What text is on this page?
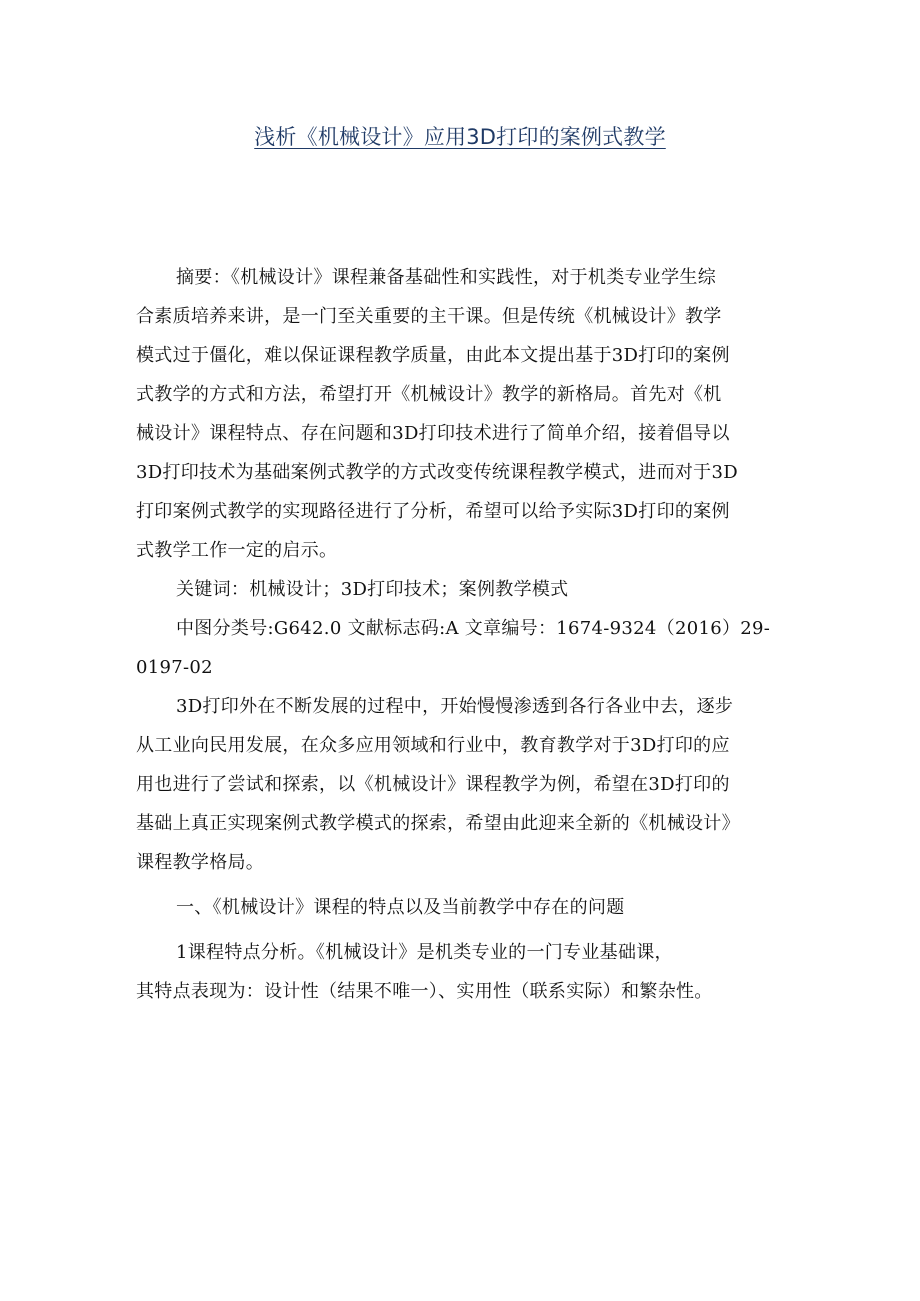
浅析《机械设计》应用3D打印的案例式教学
摘要：《机械设计》课程兼备基础性和实践性，对于机类专业学生综
合素质培养来讲，是一门至关重要的主干课。但是传统《机械设计》教学
模式过于僵化，难以保证课程教学质量，由此本文提出基于3D打印的案例
式教学的方式和方法，希望打开《机械设计》教学的新格局。首先对《机
械设计》课程特点、存在问题和3D打印技术进行了简单介绍，接着倡导以
3D打印技术为基础案例式教学的方式改变传统课程教学模式，进而对于3D
打印案例式教学的实现路径进行了分析，希望可以给予实际3D打印的案例
式教学工作一定的启示。
关键词：机械设计；3D打印技术；案例教学模式
中图分类号:G642.0 文献标志码:A 文章编号：1674-9324（2016）29-
0197-02
3D打印外在不断发展的过程中，开始慢慢渗透到各行各业中去，逐步
从工业向民用发展，在众多应用领域和行业中，教育教学对于3D打印的应
用也进行了尝试和探索，以《机械设计》课程教学为例，希望在3D打印的
基础上真正实现案例式教学模式的探索，希望由此迎来全新的《机械设计》
课程教学格局。
一、《机械设计》课程的特点以及当前教学中存在的问题
1课程特点分析。《机械设计》是机类专业的一门专业基础课，
其特点表现为：设计性（结果不唯一）、实用性（联系实际）和繁杂性。
